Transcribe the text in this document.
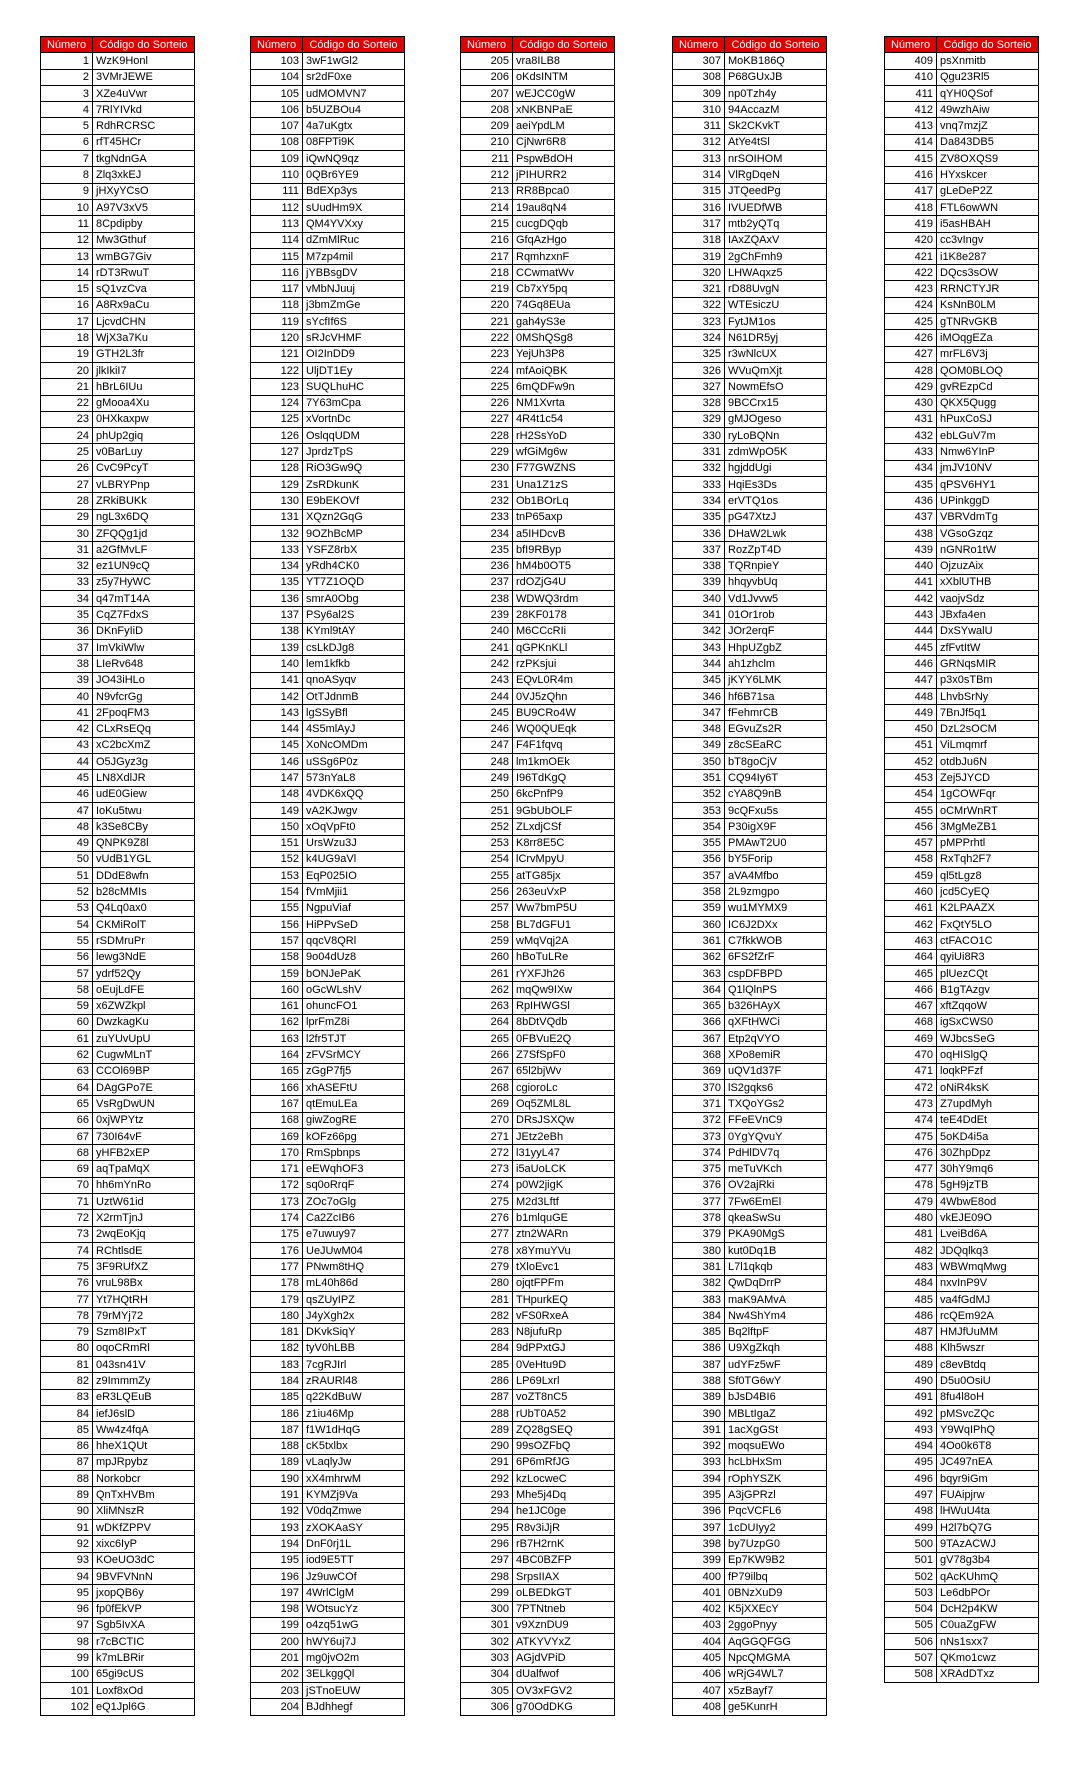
Número	Código do Sorteio
1	WzK9Honl
2	3VMrJEWE
3	XZe4uVwr
4	7RlYIVkd
5	RdhRCRSC
6	rfT45HCr
7	tkgNdnGA
8	Zlq3xkEJ
9	jHXyYCsO
10	A97V3xV5
11	8Cpdipby
12	Mw3Gthuf
13	wmBG7Giv
14	rDT3RwuT
15	sQ1vzCva
16	A8Rx9aCu
17	LjcvdCHN
18	WjX3a7Ku
19	GTH2L3fr
20	jlkIkiI7
21	hBrL6IUu
22	gMooa4Xu
23	0HXkaxpw
24	phUp2giq
25	v0BarLuy
26	CvC9PcyT
27	vLBRYPnp
28	ZRkiBUKk
29	ngL3x6DQ
30	ZFQQg1jd
31	a2GfMvLF
32	ez1UN9cQ
33	z5y7HyWC
34	q47mT14A
35	CqZ7FdxS
36	DKnFyIiD
37	ImVkiWlw
38	LIeRv648
39	JO43iHLo
40	N9vfcrGg
41	2FpoqFM3
42	CLxRsEQq
43	xC2bcXmZ
44	O5JGyz3g
45	LN8XdlJR
46	udE0Giew
47	IoKu5twu
48	k3Se8CBy
49	QNPK9Z8l
50	vUdB1YGL
51	DDdE8wfn
52	b28cMMIs
53	Q4Lq0ax0
54	CKMiRolT
55	rSDMruPr
56	lewg3NdE
57	ydrf52Qy
58	oEujLdFE
59	x6ZWZkpl
60	DwzkagKu
61	zuYUvUpU
62	CugwMLnT
63	CCOl69BP
64	DAgGPo7E
65	VsRgDwUN
66	0xjWPYtz
67	730I64vF
68	yHFB2xEP
69	aqTpaMqX
70	hh6mYnRo
71	UztW61id
72	X2rmTjnJ
73	2wqEoKjq
74	RChtlsdE
75	3F9RUfXZ
76	vruL98Bx
77	Yt7HQtRH
78	79rMYj72
79	Szm8IPxT
80	oqoCRmRl
81	043sn41V
82	z9ImmmZy
83	eR3LQEuB
84	iefJ6slD
85	Ww4z4fqA
86	hheX1QUt
87	mpJRpybz
88	Norkobcr
89	QnTxHVBm
90	XliMNszR
91	wDKfZPPV
92	xixc6IyP
93	KOeUO3dC
94	9BVFVNnN
95	jxopQB6y
96	fp0fEkVP
97	Sgb5IvXA
98	r7cBCTIC
99	k7mLBRir
100	65gi9cUS
101	Loxf8xOd
102	eQ1Jpl6G
Número	Código do Sorteio
103	3wF1wGl2
104	sr2dF0xe
105	udMOMVN7
106	b5UZBOu4
107	4a7uKgtx
108	08FPTi9K
109	iQwNQ9qz
110	0QBr6YE9
111	BdEXp3ys
112	sUudHm9X
113	QM4YVXxy
114	dZmMlRuc
115	M7zp4mil
116	jYBBsgDV
117	vMbNJuuj
118	j3bmZmGe
119	sYcfIf6S
120	sRJcVHMF
121	OI2InDD9
122	UljDT1Ey
123	SUQLhuHC
124	7Y63mCpa
125	xVortnDc
126	OslqqUDM
127	JprdzTpS
128	RiO3Gw9Q
129	ZsRDkunK
130	E9bEKOVf
131	XQzn2GqG
132	9OZhBcMP
133	YSFZ8rbX
134	yRdh4CK0
135	YT7Z1OQD
136	smrA0Obg
137	PSy6al2S
138	KYml9tAY
139	csLkDJg8
140	lem1kfkb
141	qnoASyqv
142	OtTJdnmB
143	lgSSyBfl
144	4S5mlAyJ
145	XoNcOMDm
146	uSSg6P0z
147	573nYaL8
148	4VDK6xQQ
149	vA2KJwgv
150	xOqVpFt0
151	UrsWzu3J
152	k4UG9aVl
153	EqP025IO
154	fVmMjii1
155	NgpuViaf
156	HiPPvSeD
157	qqcV8QRl
158	9o04dUz8
159	bONJePaK
160	oGcWLshV
161	ohuncFO1
162	lprFmZ8i
163	l2fr5TJT
164	zFVSrMCY
165	zGgP7fj5
166	xhASEFtU
167	qtEmuLEa
168	giwZogRE
169	kOFz66pg
170	RmSpbnps
171	eEWqhOF3
172	sq0oRrqF
173	ZOc7oGlg
174	Ca2ZcIB6
175	e7uwuy97
176	UeJUwM04
177	PNwm8tHQ
178	mL40h86d
179	qsZUyIPZ
180	J4yXgh2x
181	DKvkSiqY
182	tyV0hLBB
183	7cgRJIrl
184	zRAURl48
185	q22KdBuW
186	z1iu46Mp
187	f1W1dHqG
188	cK5txlbx
189	vLaqlyJw
190	xX4mhrwM
191	KYMZj9Va
192	V0dqZmwe
193	zXOKAaSY
194	DnF0rj1L
195	iod9E5TT
196	Jz9uwCOf
197	4WrlClgM
198	WOtsucYz
199	o4zq51wG
200	hWY6uj7J
201	mg0jvO2m
202	3ELkggQl
203	jSTnoEUW
204	BJdhhegf
Número	Código do Sorteio
205	vra8ILB8
206	oKdsINTM
207	wEJCC0gW
208	xNKBNPaE
209	aeiYpdLM
210	CjNwr6R8
211	PspwBdOH
212	jPIHURR2
213	RR8Bpca0
214	19au8qN4
215	cucgDQqb
216	GfqAzHgo
217	RqmhzxnF
218	CCwmatWv
219	Cb7xY5pq
220	74Gq8EUa
221	gah4yS3e
222	0MShQSg8
223	YejUh3P8
224	mfAoiQBK
225	6mQDFw9n
226	NM1Xvrta
227	4R4t1c54
228	rH2SsYoD
229	wfGiMg6w
230	F77GWZNS
231	Una1Z1zS
232	Ob1BOrLq
233	tnP65axp
234	a5IHDcvB
235	bfI9RByp
236	hM4b0OT5
237	rdOZjG4U
238	WDWQ3rdm
239	28KF0178
240	M6CCcRIi
241	qGPKnKLl
242	rzPKsjui
243	EQvL0R4m
244	0VJ5zQhn
245	BU9CRo4W
246	WQ0QUEqk
247	F4F1fqvq
248	lm1kmOEk
249	I96TdKgQ
250	6kcPnfP9
251	9GbUbOLF
252	ZLxdjCSf
253	K8rr8E5C
254	lCrvMpyU
255	atTG85jx
256	263euVxP
257	Ww7bmP5U
258	BL7dGFU1
259	wMqVqj2A
260	hBoTuLRe
261	rYXFJh26
262	mqQw9IXw
263	RpIHWGSl
264	8bDtVQdb
265	0FBVuE2Q
266	Z7SfSpF0
267	65l2bjWv
268	cgioroLc
269	Oq5ZML8L
270	DRsJSXQw
271	JEtz2eBh
272	l31yyL47
273	i5aUoLCK
274	p0W2jigK
275	M2d3Lftf
276	b1mlquGE
277	ztn2WARn
278	x8YmuYVu
279	tXloEvc1
280	ojqtFPFm
281	THpurkEQ
282	vFS0RxeA
283	N8jufuRp
284	9dPPxtGJ
285	0VeHtu9D
286	LP69Lxrl
287	voZT8nC5
288	rUbT0A52
289	ZQ28gSEQ
290	99sOZFbQ
291	6P6mRfJG
292	kzLocweC
293	Mhe5j4Dq
294	he1JC0ge
295	R8v3iJjR
296	rB7H2rnK
297	4BC0BZFP
298	SrpsIIAX
299	oLBEDkGT
300	7PTNtneb
301	v9XznDU9
302	ATKYVYxZ
303	AGjdVPiD
304	dUalfwof
305	OV3xFGV2
306	g70OdDKG
Número	Código do Sorteio
307	MoKB186Q
308	P68GUxJB
309	np0Tzh4y
310	94AccazM
311	Sk2CKvkT
312	AtYe4tSl
313	nrSOIHOM
314	VlRgDqeN
315	JTQeedPg
316	IVUEDfWB
317	mtb2yQTq
318	IAxZQAxV
319	2gChFmh9
320	LHWAqxz5
321	rD88UvgN
322	WTEsiczU
323	FytJM1os
324	N61DR5yj
325	r3wNlcUX
326	WVuQmXjt
327	NowmEfsO
328	9BCCrx15
329	gMJOgeso
330	ryLoBQNn
331	zdmWpO5K
332	hgjddUgi
333	HqiEs3Ds
334	erVTQ1os
335	pG47XtzJ
336	DHaW2Lwk
337	RozZpT4D
338	TQRnpieY
339	hhqyvbUq
340	Vd1Jvvw5
341	01Or1rob
342	JOr2erqF
343	HhpUZgbZ
344	ah1zhclm
345	jKYY6LMK
346	hf6B71sa
347	fFehmrCB
348	EGvuZs2R
349	z8cSEaRC
350	bT8goCjV
351	CQ94Iy6T
352	cYA8Q9nB
353	9cQFxu5s
354	P30igX9F
355	PMAwT2U0
356	bY5Forip
357	aVA4Mfbo
358	2L9zmgpo
359	wu1MYMX9
360	IC6J2DXx
361	C7fkkWOB
362	6FS2fZrF
363	cspDFBPD
364	Q1lQlnPS
365	b326HAyX
366	qXFtHWCi
367	Etp2qVYO
368	XPo8emiR
369	uQV1d37F
370	lS2gqks6
371	TXQoYGs2
372	FFeEVnC9
373	0YgYQvuY
374	PdHlDV7q
375	meTuVKch
376	OV2ajRki
377	7Fw6EmEl
378	qkeaSwSu
379	PKA90MgS
380	kut0Dq1B
381	L7l1qkqb
382	QwDqDrrP
383	maK9AMvA
384	Nw4ShYm4
385	Bq2lftpF
386	U9XgZkqh
387	udYFz5wF
388	Sf0TG6wY
389	bJsD4BI6
390	MBLtIgaZ
391	1acXgGSt
392	moqsuEWo
393	hcLbHxSm
394	rOphYSZK
395	A3jGPRzl
396	PqcVCFL6
397	1cDUIyy2
398	by7UzpG0
399	Ep7KW9B2
400	fP79ilbq
401	0BNzXuD9
402	K5jXXEcY
403	2ggoPnyy
404	AqGGQFGG
405	NpcQMGMA
406	wRjG4WL7
407	x5zBayf7
408	ge5KunrH
Número	Código do Sorteio
409	psXnmitb
410	Qgu23Rl5
411	qYH0QSof
412	49wzhAiw
413	vnq7mzjZ
414	Da843DB5
415	ZV8OXQS9
416	HYxskcer
417	gLeDeP2Z
418	FTL6owWN
419	i5asHBAH
420	cc3vIngv
421	i1K8e287
422	DQcs3sOW
423	RRNCTYJR
424	KsNnB0LM
425	gTNRvGKB
426	iMOqgEZa
427	mrFL6V3j
428	QOM0BLOQ
429	gvREzpCd
430	QKX5Qugg
431	hPuxCoSJ
432	ebLGuV7m
433	Nmw6YInP
434	jmJV10NV
435	qPSV6HY1
436	UPinkggD
437	VBRVdmTg
438	VGsoGzqz
439	nGNRo1tW
440	OjzuzAix
441	xXblUTHB
442	vaojvSdz
443	JBxfa4en
444	DxSYwalU
445	zfFvtItW
446	GRNqsMIR
447	p3x0sTBm
448	LhvbSrNy
449	7BnJf5q1
450	DzL2sOCM
451	ViLmqmrf
452	otdbJu6N
453	Zej5JYCD
454	1gCOWFqr
455	oCMrWnRT
456	3MgMeZB1
457	pMPPrhtl
458	RxTqh2F7
459	ql5tLgz8
460	jcd5CyEQ
461	K2LPAAZX
462	FxQtY5LO
463	ctFACO1C
464	qyiUi8R3
465	plUezCQt
466	B1gTAzgv
467	xftZqqoW
468	igSxCWS0
469	WJbcsSeG
470	oqHISlgQ
471	loqkPFzf
472	oNiR4ksK
473	Z7updMyh
474	teE4DdEt
475	5oKD4i5a
476	30ZhpDpz
477	30hY9mq6
478	5gH9jzTB
479	4WbwE8od
480	vkEJE09O
481	LveiBd6A
482	JDQqlkq3
483	WBWmqMwg
484	nxvInP9V
485	va4fGdMJ
486	rcQEm92A
487	HMJfUuMM
488	Klh5wszr
489	c8evBtdq
490	D5u0OsiU
491	8fu4l8oH
492	pMSvcZQc
493	Y9WqIPhQ
494	4Oo0k6T8
495	JC497nEA
496	bqyr9iGm
497	FUAipjrw
498	lHWuU4ta
499	H2l7bQ7G
500	9TAzACWJ
501	gV78g3b4
502	qAcKUhmQ
503	Le6dbPOr
504	DcH2p4KW
505	C0uaZgFW
506	nNs1sxx7
507	QKmo1cwz
508	XRAdDTxz
